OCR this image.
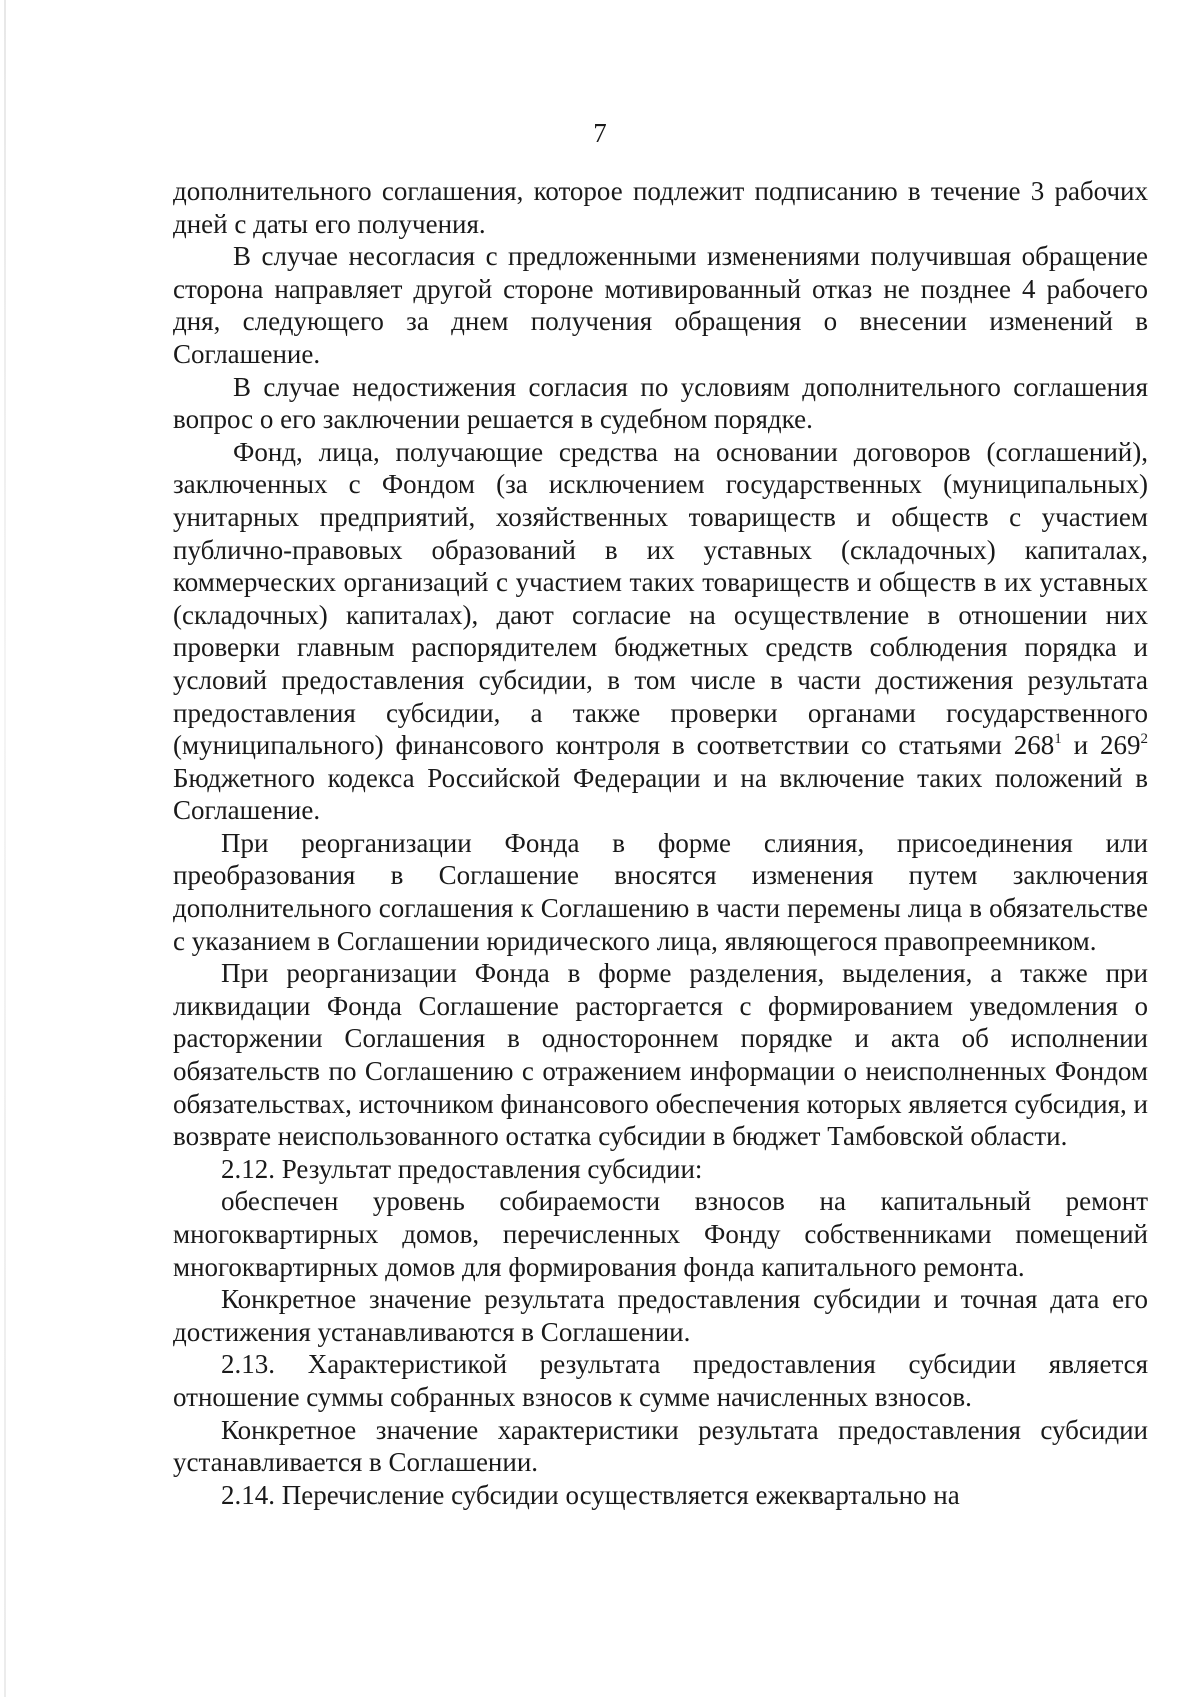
7

дополнительного соглашения, которое подлежит подписанию в течение 3 рабочих дней с даты его получения.

В случае несогласия с предложенными изменениями получившая обращение сторона направляет другой стороне мотивированный отказ не позднее 4 рабочего дня, следующего за днем получения обращения о внесении изменений в Соглашение.

В случае недостижения согласия по условиям дополнительного соглашения вопрос о его заключении решается в судебном порядке.

Фонд, лица, получающие средства на основании договоров (соглашений), заключенных с Фондом (за исключением государственных (муниципальных) унитарных предприятий, хозяйственных товариществ и обществ с участием публично-правовых образований в их уставных (складочных) капиталах, коммерческих организаций с участием таких товариществ и обществ в их уставных (складочных) капиталах), дают согласие на осуществление в отношении них проверки главным распорядителем бюджетных средств соблюдения порядка и условий предоставления субсидии, в том числе в части достижения результата предоставления субсидии, а также проверки органами государственного (муниципального) финансового контроля в соответствии со статьями $268^1$ и $269^2$ Бюджетного кодекса Российской Федерации и на включение таких положений в Соглашение.

При реорганизации Фонда в форме слияния, присоединения или преобразования в Соглашение вносятся изменения путем заключения дополнительного соглашения к Соглашению в части перемены лица в обязательстве с указанием в Соглашении юридического лица, являющегося правопреемником.

При реорганизации Фонда в форме разделения, выделения, а также при ликвидации Фонда Соглашение расторгается с формированием уведомления о расторжении Соглашения в одностороннем порядке и акта об исполнении обязательств по Соглашению с отражением информации о неисполненных Фондом обязательствах, источником финансового обеспечения которых является субсидия, и возврате неиспользованного остатка субсидии в бюджет Тамбовской области.

2.12. Результат предоставления субсидии:

обеспечен уровень собираемости взносов на капитальный ремонт многоквартирных домов, перечисленных Фонду собственниками помещений многоквартирных домов для формирования фонда капитального ремонта.

Конкретное значение результата предоставления субсидии и точная дата его достижения устанавливаются в Соглашении.

2.13. Характеристикой результата предоставления субсидии является отношение суммы собранных взносов к сумме начисленных взносов.

Конкретное значение характеристики результата предоставления субсидии устанавливается в Соглашении.

2.14. Перечисление субсидии осуществляется ежеквартально на
